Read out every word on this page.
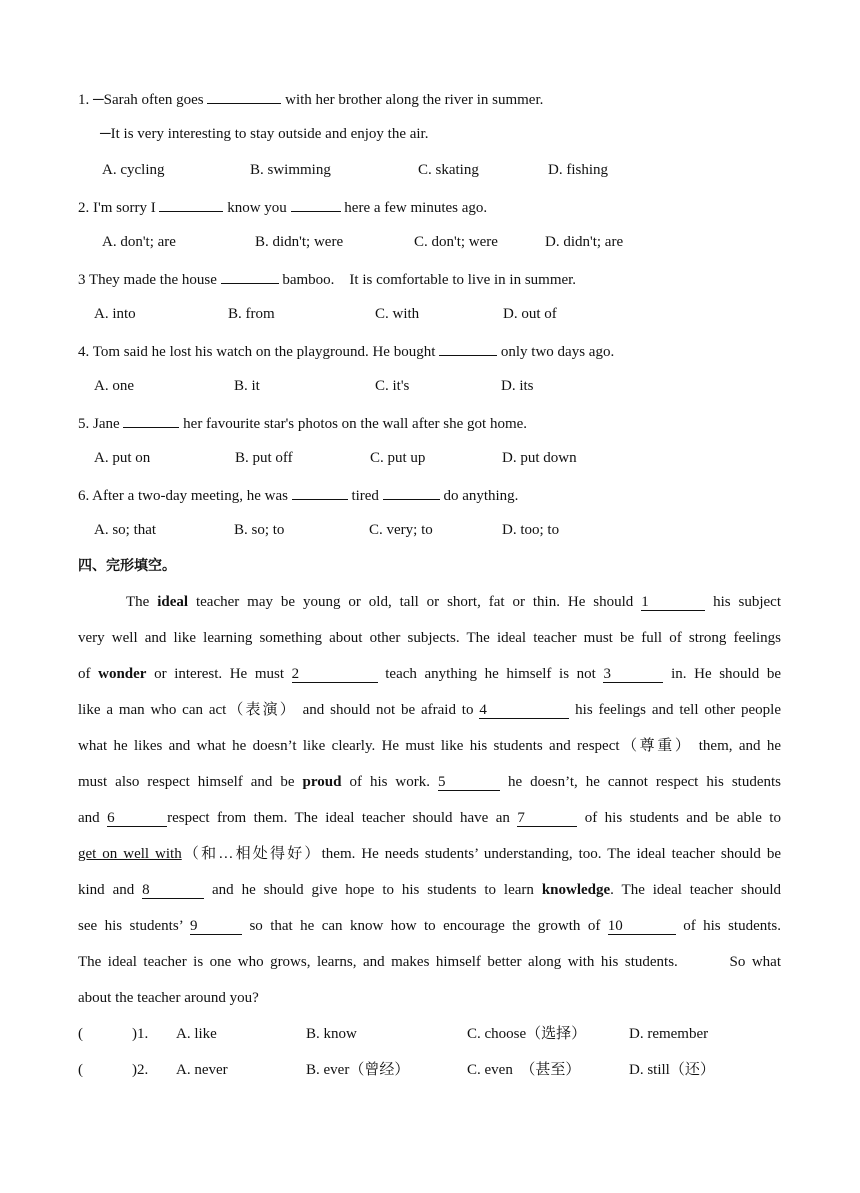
1. ─Sarah often goes	with her brother along the river in summer.
─It is very interesting to stay outside and enjoy the air.
A. cycling	B. swimming	C. skating	D. fishing
2. I'm sorry I	know you	here a few minutes ago.
A. don't; are	B. didn't; were	C. don't; were	D. didn't; are
3 They made the house	bamboo.    It is comfortable to live in in summer.
A. into	B. from	C. with	D. out of
4. Tom said he lost his watch on the playground. He bought	only two days ago.
A. one	B. it	C. it's	D. its
5. Jane	her favourite star's photos on the wall after she got home.
A. put on	B. put off	C. put up	D. put down
6. After a two-day meeting, he was	tired	do anything.
A. so; that	B. so; to	C. very; to	D. too; to
四、完形填空。
The ideal teacher may be young or old, tall or short, fat or thin. He should 1	his subject
very well and like learning something about other subjects. The ideal teacher must be full of strong feelings
of wonder or interest. He must 2	teach anything he himself is not 3	in. He should be
like a man who can act（表演） and should not be afraid to 4	his feelings and tell other people
what he likes and what he doesn’t like clearly. He must like his students and respect（尊重） them, and he
must also respect himself and be proud of his work. 5	he doesn’t, he cannot respect his students
and 6	respect from them. The ideal teacher should have an 7	of his students and be able to
get on well with（和…相处得好）them. He needs students’ understanding, too. The ideal teacher should be
kind and 8	and he should give hope to his students to learn knowledge. The ideal teacher should
see his students’ 9	so that he can know how to encourage the growth of 10	of his students.
The ideal teacher is one who grows, learns, and makes himself better along with his students.        So what
about the teacher around you?
(	)1. A. like	B. know	C. choose（选择）	D. remember
(	)2. A. never	B. ever（曾经）	C. even  （甚至）	D. still（还）
